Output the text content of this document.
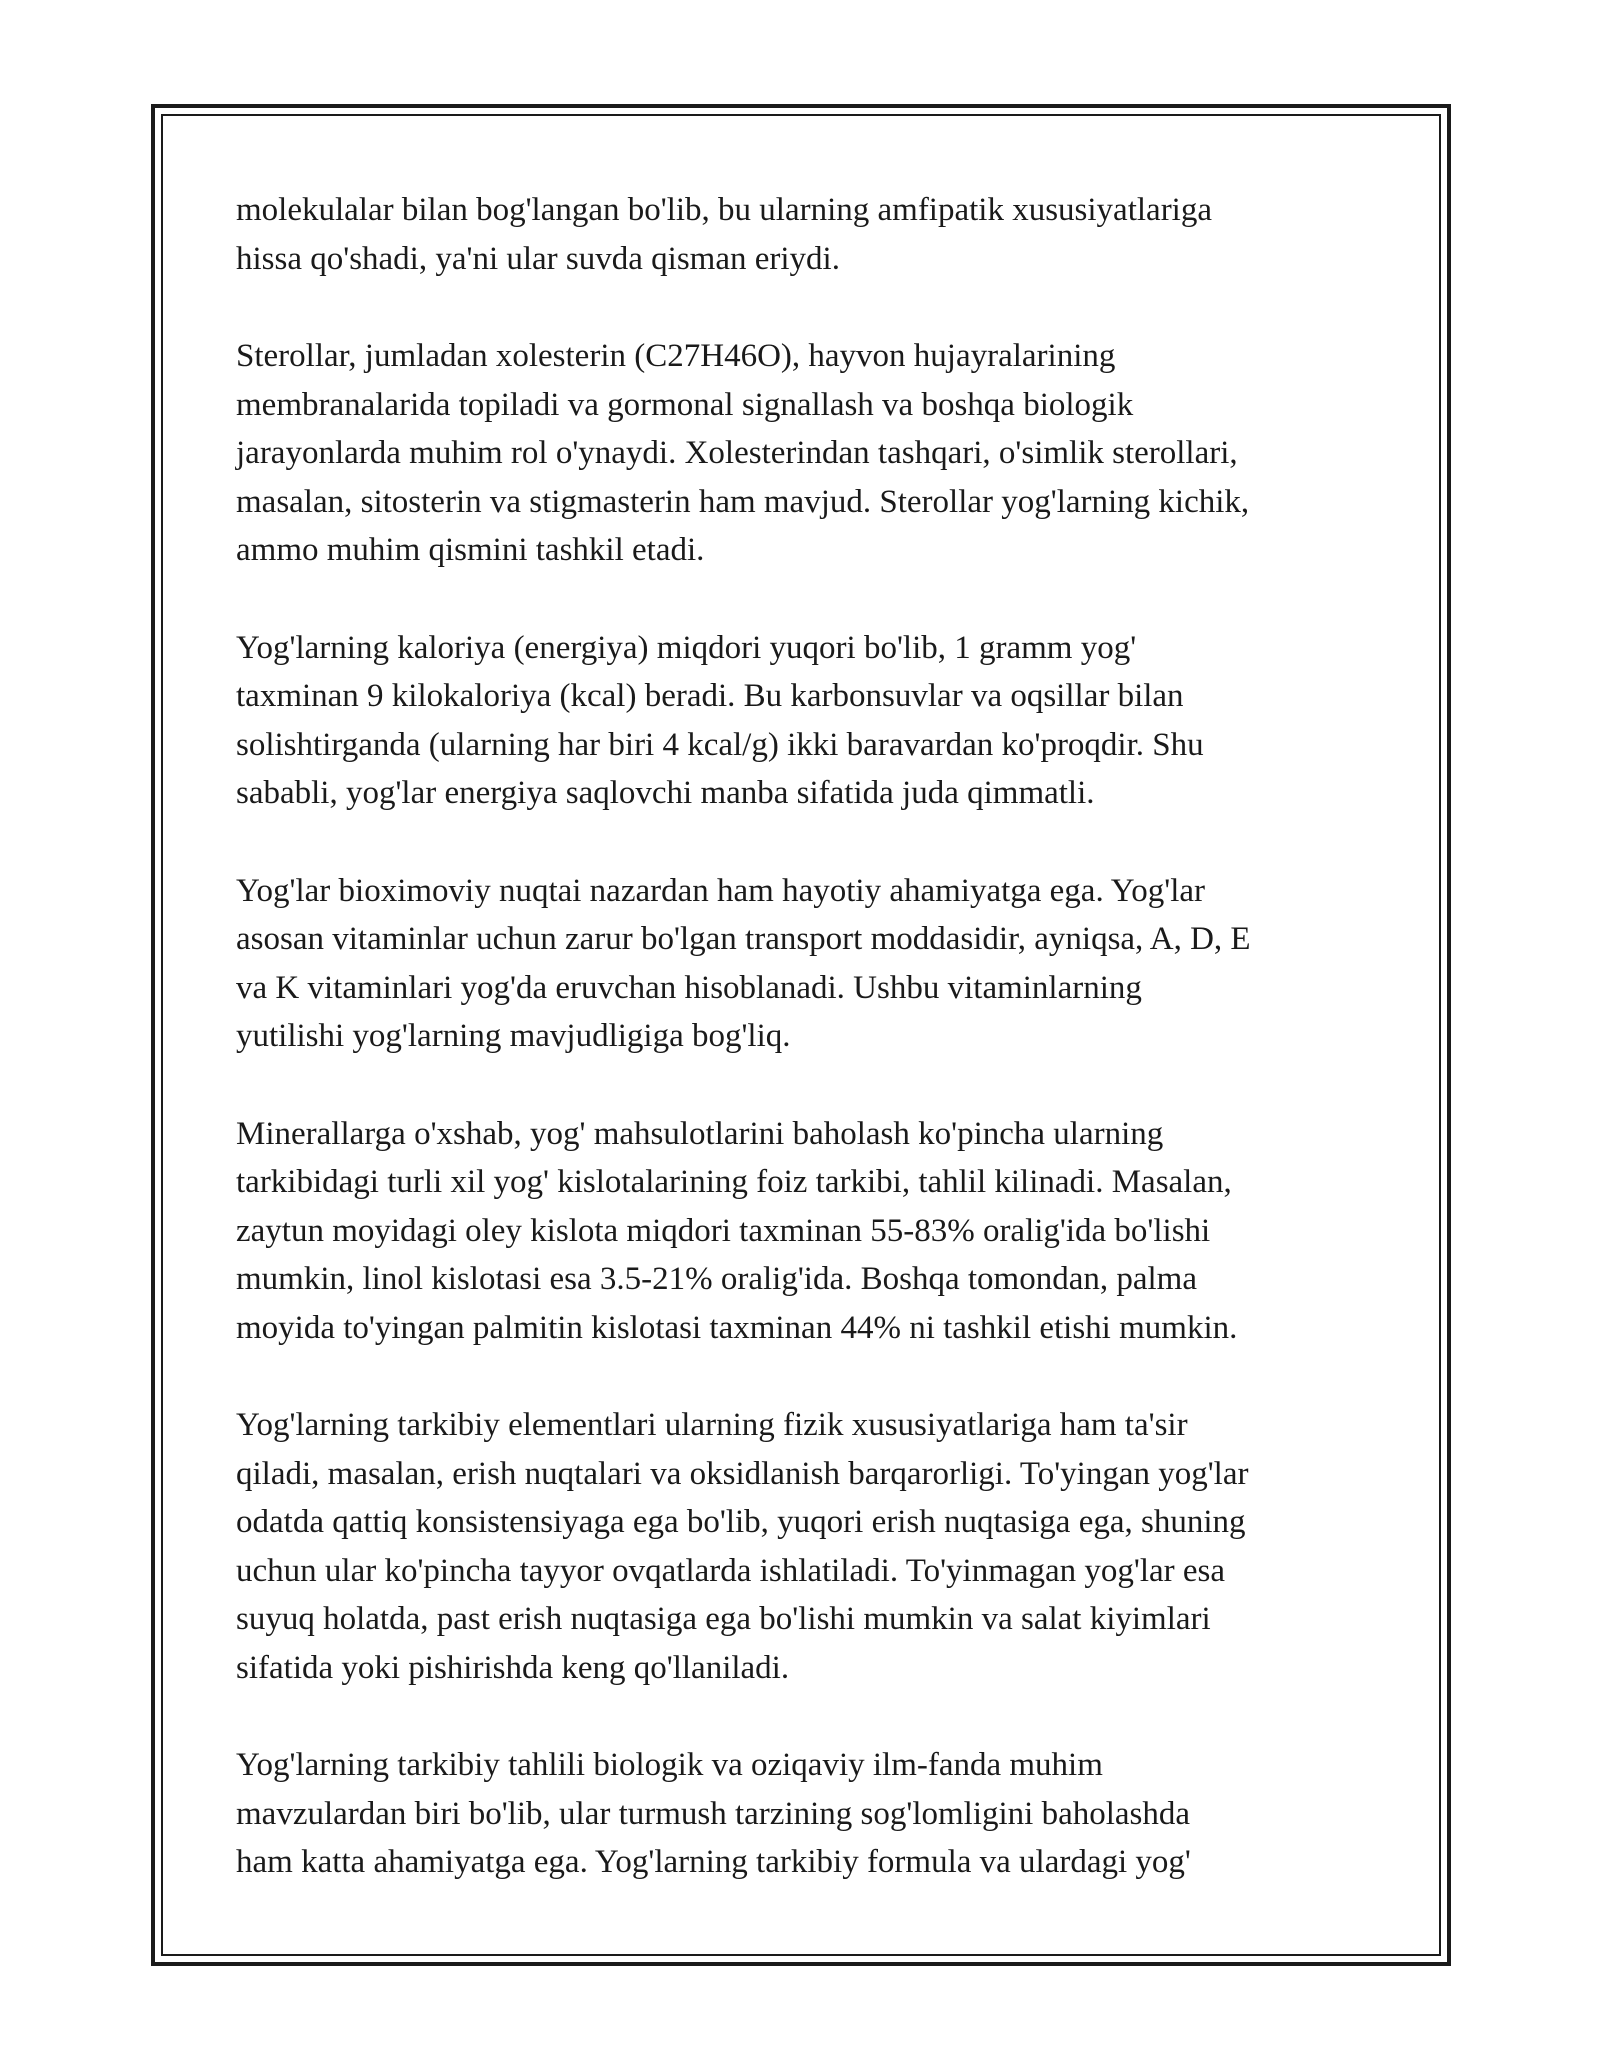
molekulalar bilan bog'langan bo'lib, bu ularning amfipatik xususiyatlariga
hissa qo'shadi, ya'ni ular suvda qisman eriydi.

Sterollar, jumladan xolesterin (C27H46O), hayvon hujayralarining
membranalarida topiladi va gormonal signallash va boshqa biologik
jarayonlarda muhim rol o'ynaydi. Xolesterindan tashqari, o'simlik sterollari,
masalan, sitosterin va stigmasterin ham mavjud. Sterollar yog'larning kichik,
ammo muhim qismini tashkil etadi.

Yog'larning kaloriya (energiya) miqdori yuqori bo'lib, 1 gramm yog'
taxminan 9 kilokaloriya (kcal) beradi. Bu karbonsuvlar va oqsillar bilan
solishtirganda (ularning har biri 4 kcal/g) ikki baravardan ko'proqdir. Shu
sababli, yog'lar energiya saqlovchi manba sifatida juda qimmatli.

Yog'lar bioximoviy nuqtai nazardan ham hayotiy ahamiyatga ega. Yog'lar
asosan vitaminlar uchun zarur bo'lgan transport moddasidir, ayniqsa, A, D, E
va K vitaminlari yog'da eruvchan hisoblanadi. Ushbu vitaminlarning
yutilishi yog'larning mavjudligiga bog'liq.

Minerallarga o'xshab, yog' mahsulotlarini baholash ko'pincha ularning
tarkibidagi turli xil yog' kislotalarining foiz tarkibi, tahlil kilinadi. Masalan,
zaytun moyidagi oley kislota miqdori taxminan 55-83% oralig'ida bo'lishi
mumkin, linol kislotasi esa 3.5-21% oralig'ida. Boshqa tomondan, palma
moyida to'yingan palmitin kislotasi taxminan 44% ni tashkil etishi mumkin.

Yog'larning tarkibiy elementlari ularning fizik xususiyatlariga ham ta'sir
qiladi, masalan, erish nuqtalari va oksidlanish barqarorligi. To'yingan yog'lar
odatda qattiq konsistensiyaga ega bo'lib, yuqori erish nuqtasiga ega, shuning
uchun ular ko'pincha tayyor ovqatlarda ishlatiladi. To'yinmagan yog'lar esa
suyuq holatda, past erish nuqtasiga ega bo'lishi mumkin va salat kiyimlari
sifatida yoki pishirishda keng qo'llaniladi.

Yog'larning tarkibiy tahlili biologik va oziqaviy ilm-fanda muhim
mavzulardan biri bo'lib, ular turmush tarzining sog'lomligini baholashda
ham katta ahamiyatga ega. Yog'larning tarkibiy formula va ulardagi yog'
